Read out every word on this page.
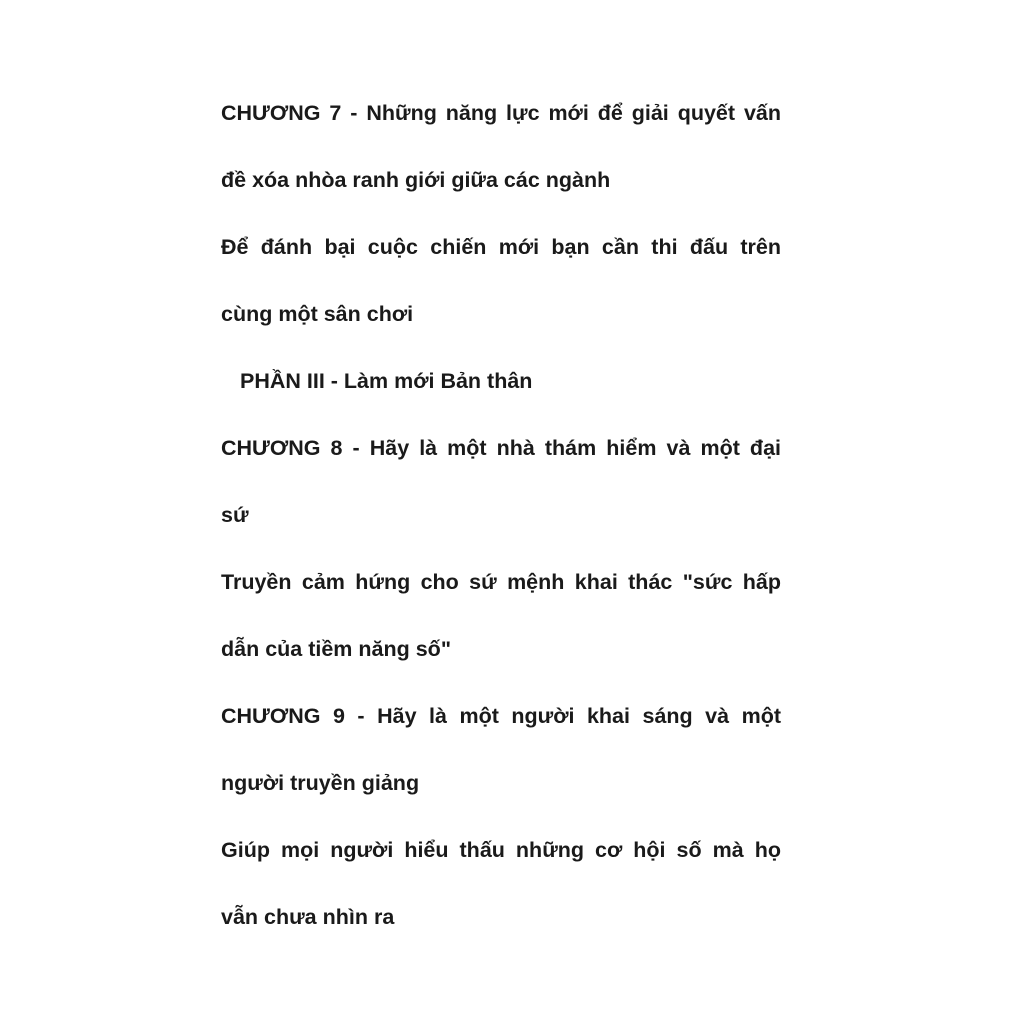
CHƯƠNG 7 - Những năng lực mới để giải quyết vấn
đề xóa nhòa ranh giới giữa các ngành
Để đánh bại cuộc chiến mới bạn cần thi đấu trên
cùng một sân chơi
PHẦN III - Làm mới Bản thân
CHƯƠNG 8 - Hãy là một nhà thám hiểm và một đại
sứ
Truyền cảm hứng cho sứ mệnh khai thác "sức hấp
dẫn của tiềm năng số"
CHƯƠNG 9 - Hãy là một người khai sáng và một
người truyền giảng
Giúp mọi người hiểu thấu những cơ hội số mà họ
vẫn chưa nhìn ra
